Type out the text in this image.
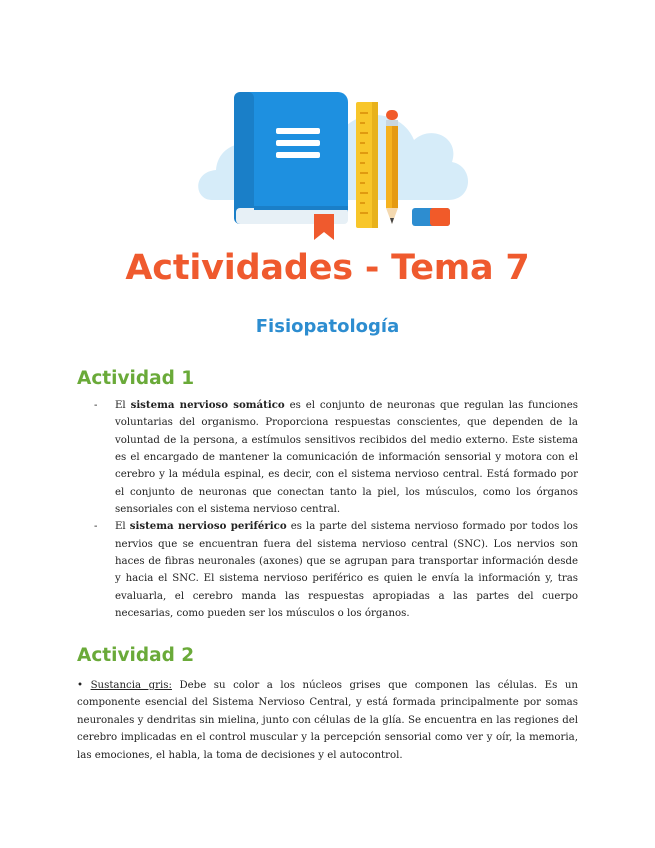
Actividades - Tema 7
Fisiopatología
Actividad 1
- El sistema nervioso somático es el conjunto de neuronas que regulan las funciones voluntarias del organismo. Proporciona respuestas conscientes, que dependen de la voluntad de la persona, a estímulos sensitivos recibidos del medio externo. Este sistema es el encargado de mantener la comunicación de información sensorial y motora con el cerebro y la médula espinal, es decir, con el sistema nervioso central. Está formado por el conjunto de neuronas que conectan tanto la piel, los músculos, como los órganos sensoriales con el sistema nervioso central.
- El sistema nervioso periférico es la parte del sistema nervioso formado por todos los nervios que se encuentran fuera del sistema nervioso central (SNC). Los nervios son haces de fibras neuronales (axones) que se agrupan para transportar información desde y hacia el SNC. El sistema nervioso periférico es quien le envía la información y, tras evaluarla, el cerebro manda las respuestas apropiadas a las partes del cuerpo necesarias, como pueden ser los músculos o los órganos.
Actividad 2

• Sustancia gris: Debe su color a los núcleos grises que componen las células. Es un componente esencial del Sistema Nervioso Central, y está formada principalmente por somas neuronales y dendritas sin mielina, junto con células de la glía. Se encuentra en las regiones del cerebro implicadas en el control muscular y la percepción sensorial como ver y oír, la memoria, las emociones, el habla, la toma de decisiones y el autocontrol.
